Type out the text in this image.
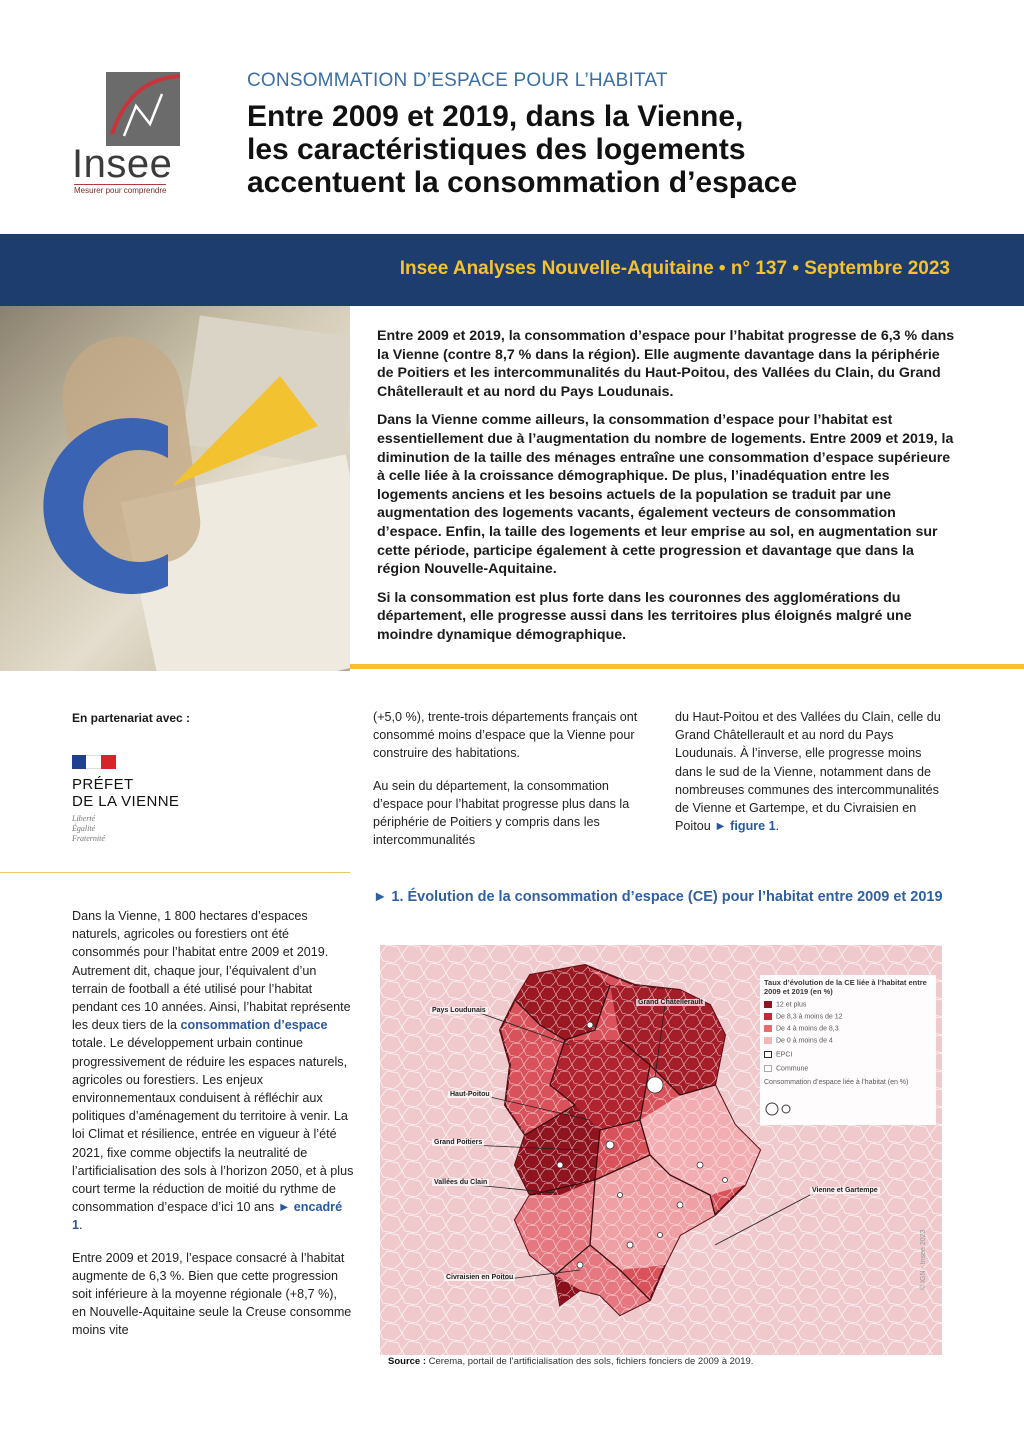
Insee
Mesurer pour comprendre
CONSOMMATION D’ESPACE POUR L’HABITAT
Entre 2009 et 2019, dans la Vienne,
les caractéristiques des logements
accentuent la consommation d’espace
Insee Analyses Nouvelle-Aquitaine • n° 137 • Septembre 2023

Entre 2009 et 2019, la consommation d’espace pour l’habitat progresse de 6,3 % dans la Vienne (contre 8,7 % dans la région). Elle augmente davantage dans la périphérie de Poitiers et les intercommunalités du Haut-Poitou, des Vallées du Clain, du Grand Châtellerault et au nord du Pays Loudunais.

Dans la Vienne comme ailleurs, la consommation d’espace pour l’habitat est essentiellement due à l’augmentation du nombre de logements. Entre 2009 et 2019, la diminution de la taille des ménages entraîne une consommation d’espace supérieure à celle liée à la croissance démographique. De plus, l’inadéquation entre les logements anciens et les besoins actuels de la population se traduit par une augmentation des logements vacants, également vecteurs de consommation d’espace. Enfin, la taille des logements et leur emprise au sol, en augmentation sur cette période, participe également à cette progression et davantage que dans la région Nouvelle-Aquitaine.

Si la consommation est plus forte dans les couronnes des agglomérations du département, elle progresse aussi dans les territoires plus éloignés malgré une moindre dynamique démographique.

En partenariat avec :
PRÉFET
DE LA VIENNE
Liberté
Égalité
Fraternité

Dans la Vienne, 1 800 hectares d’espaces naturels, agricoles ou forestiers ont été consommés pour l’habitat entre 2009 et 2019. Autrement dit, chaque jour, l’équivalent d’un terrain de football a été utilisé pour l’habitat pendant ces 10 années. Ainsi, l’habitat représente les deux tiers de la consommation d’espace totale. Le développement urbain continue progressivement de réduire les espaces naturels, agricoles ou forestiers. Les enjeux environnementaux conduisent à réfléchir aux politiques d’aménagement du territoire à venir. La loi Climat et résilience, entrée en vigueur à l’été 2021, fixe comme objectifs la neutralité de l’artificialisation des sols à l’horizon 2050, et à plus court terme la réduction de moitié du rythme de consommation d’espace d’ici 10 ans ► encadré 1.

Entre 2009 et 2019, l’espace consacré à l’habitat augmente de 6,3 %. Bien que cette progression soit inférieure à la moyenne régionale (+8,7 %), en Nouvelle-Aquitaine seule la Creuse consomme moins vite

(+5,0 %), trente-trois départements français ont consommé moins d’espace que la Vienne pour construire des habitations.

Au sein du département, la consommation d’espace pour l’habitat progresse plus dans la périphérie de Poitiers y compris dans les intercommunalités

du Haut-Poitou et des Vallées du Clain, celle du Grand Châtellerault et au nord du Pays Loudunais. À l’inverse, elle progresse moins dans le sud de la Vienne, notamment dans de nombreuses communes des intercommunalités de Vienne et Gartempe, et du Civraisien en Poitou ► figure 1.

► 1. Évolution de la consommation d’espace (CE) pour l’habitat entre 2009 et 2019
Pays Loudunais
Grand Châtellerault
Haut-Poitou
Grand Poitiers
Vallées du Clain
Vienne et Gartempe
Civraisien en Poitou
Taux d’évolution de la CE liée à l’habitat entre 2009 et 2019 (en %)
12 et plus
De 8,3 à moins de 12
De 4 à moins de 8,3
De 0 à moins de 4
EPCI
Commune
Consommation d’espace liée à l’habitat (en %)
© IGN - Insee 2023
Source : Cerema, portail de l’artificialisation des sols, fichiers fonciers de 2009 à 2019.
